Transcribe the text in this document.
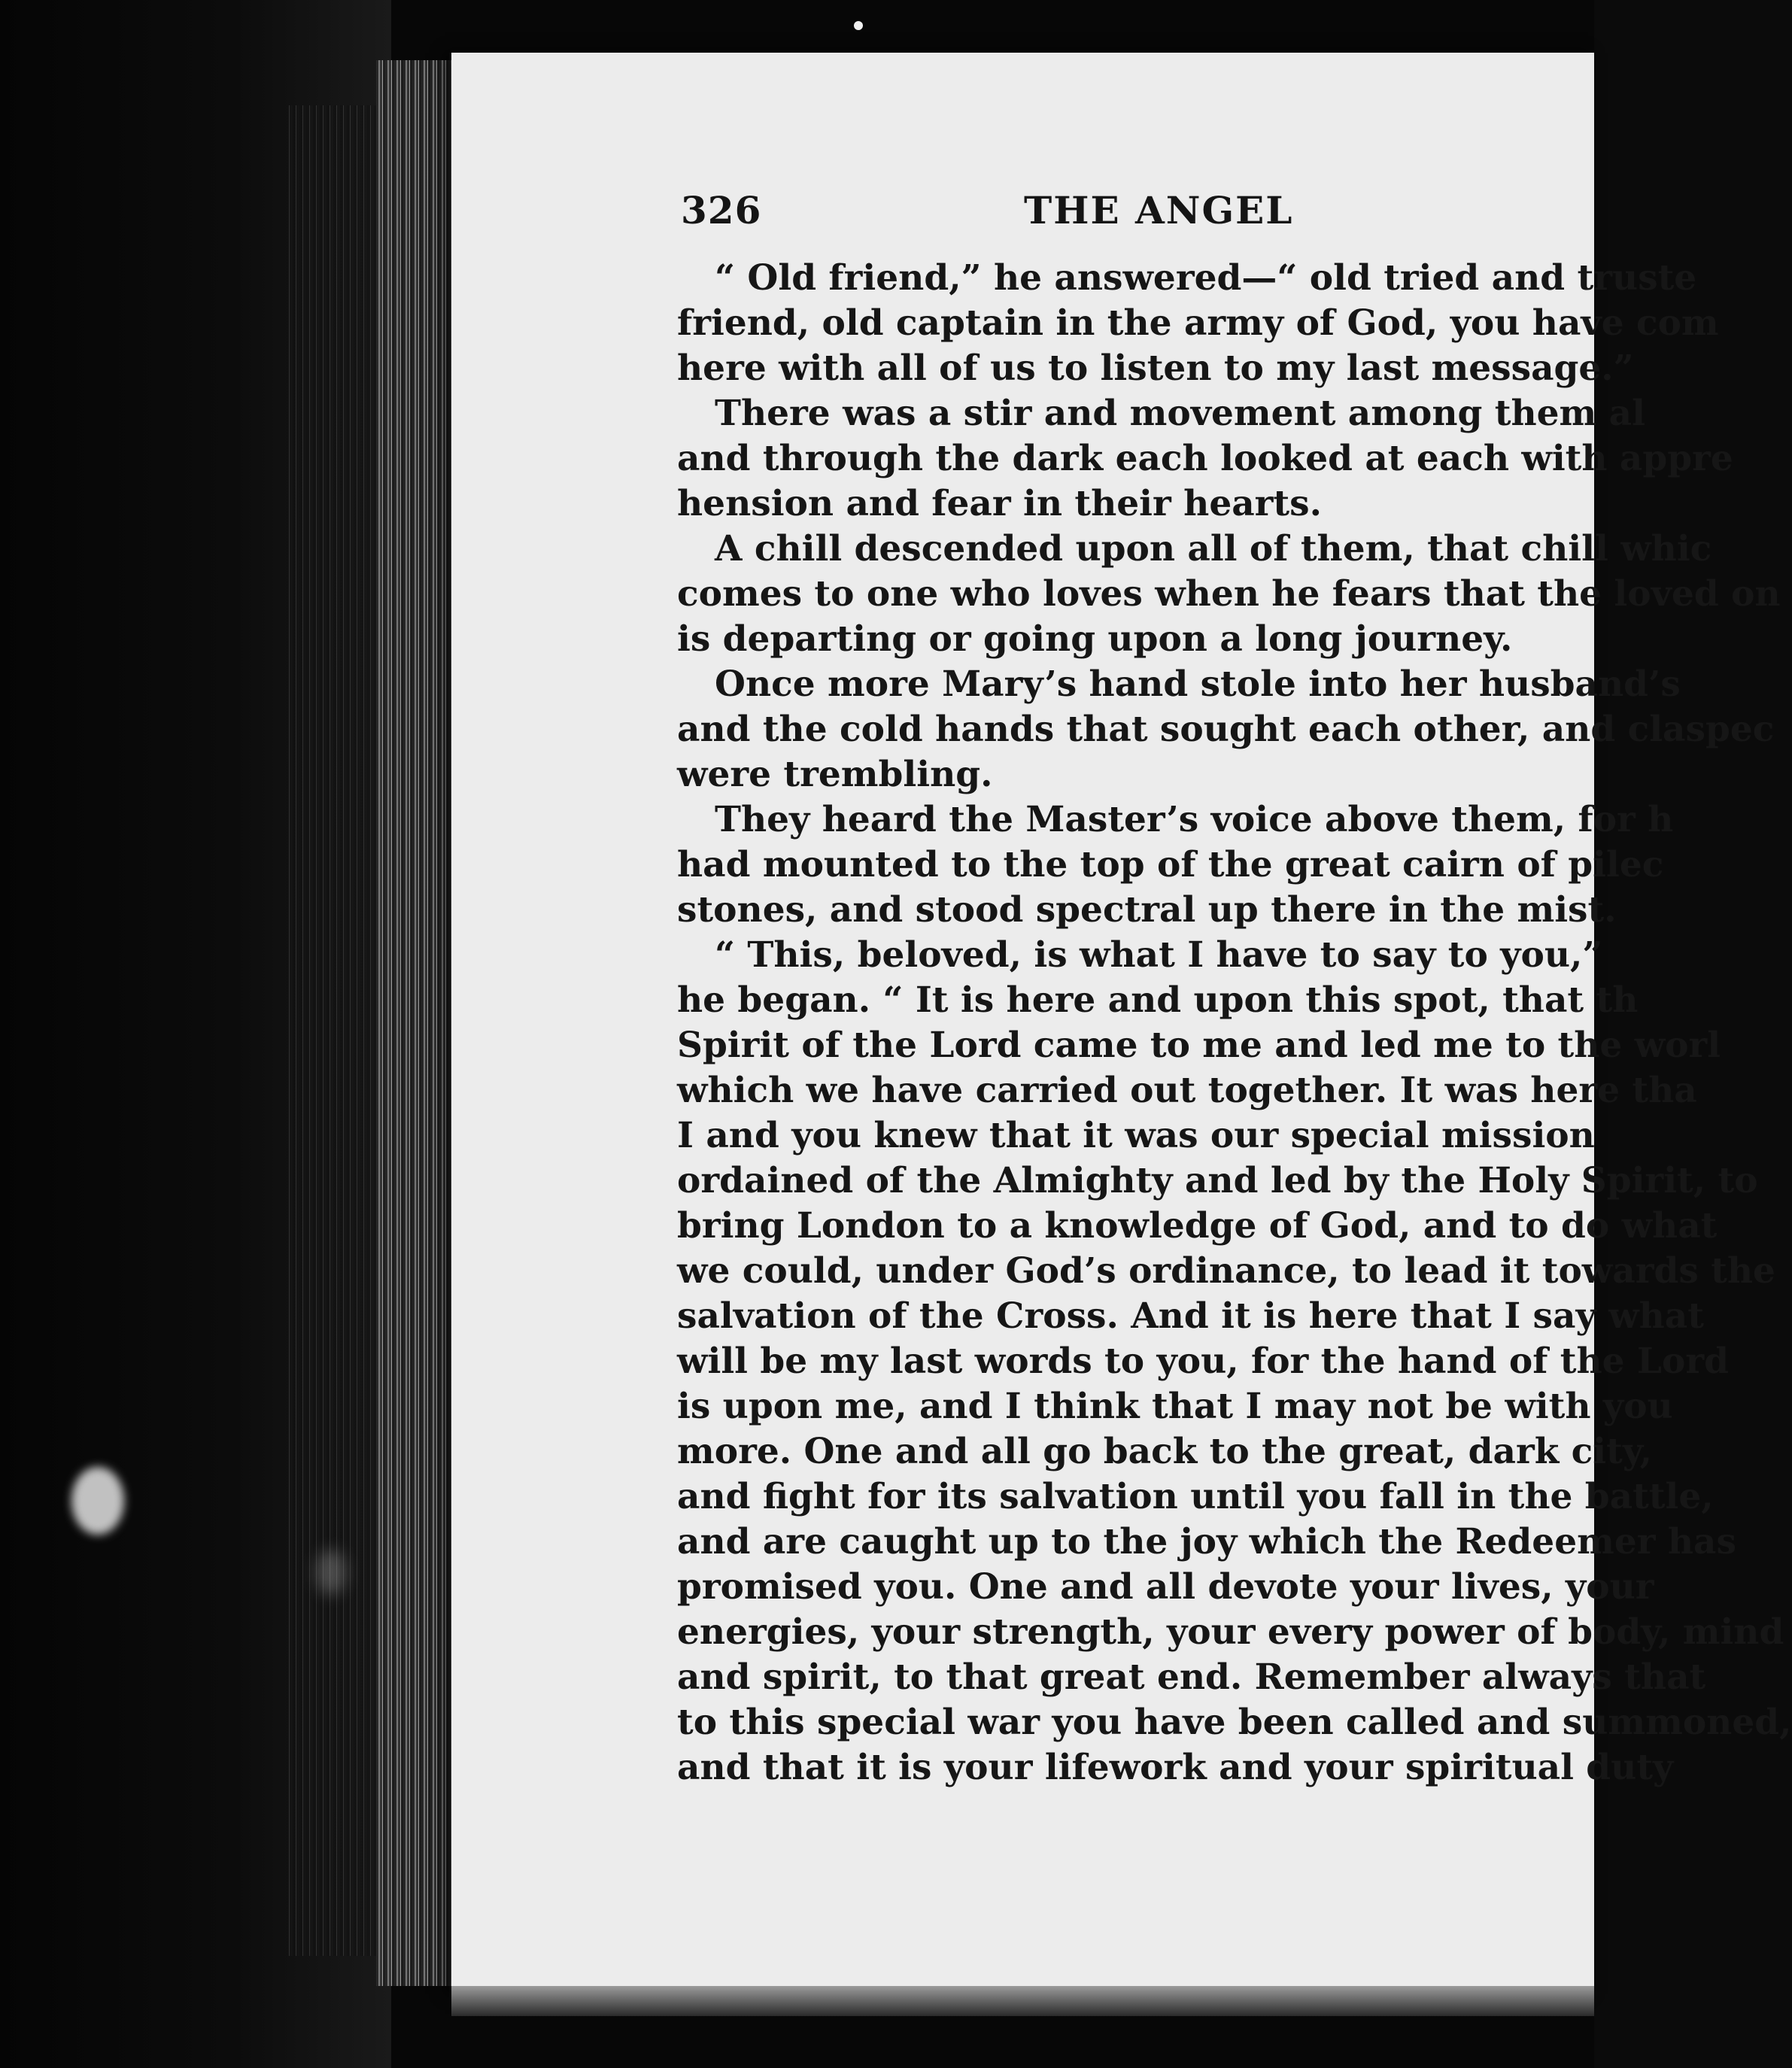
326	THE ANGEL
“ Old friend,” he answered—“ old tried and truste
friend, old captain in the army of God, you have com
here with all of us to listen to my last message.”
There was a stir and movement among them al
and through the dark each looked at each with appre
hension and fear in their hearts.
A chill descended upon all of them, that chill whic
comes to one who loves when he fears that the loved on
is departing or going upon a long journey.
Once more Mary’s hand stole into her husband’s
and the cold hands that sought each other, and claspec
were trembling.
They heard the Master’s voice above them, for h
had mounted to the top of the great cairn of pilec
stones, and stood spectral up there in the mist.
“ This, beloved, is what I have to say to you,”
he began. “ It is here and upon this spot, that th
Spirit of the Lord came to me and led me to the worl
which we have carried out together. It was here tha
I and you knew that it was our special mission
ordained of the Almighty and led by the Holy Spirit, to
bring London to a knowledge of God, and to do what
we could, under God’s ordinance, to lead it towards the
salvation of the Cross. And it is here that I say what
will be my last words to you, for the hand of the Lord
is upon me, and I think that I may not be with you
more. One and all go back to the great, dark city,
and fight for its salvation until you fall in the battle,
and are caught up to the joy which the Redeemer has
promised you. One and all devote your lives, your
energies, your strength, your every power of body, mind
and spirit, to that great end. Remember always that
to this special war you have been called and summoned,
and that it is your lifework and your spiritual duty
